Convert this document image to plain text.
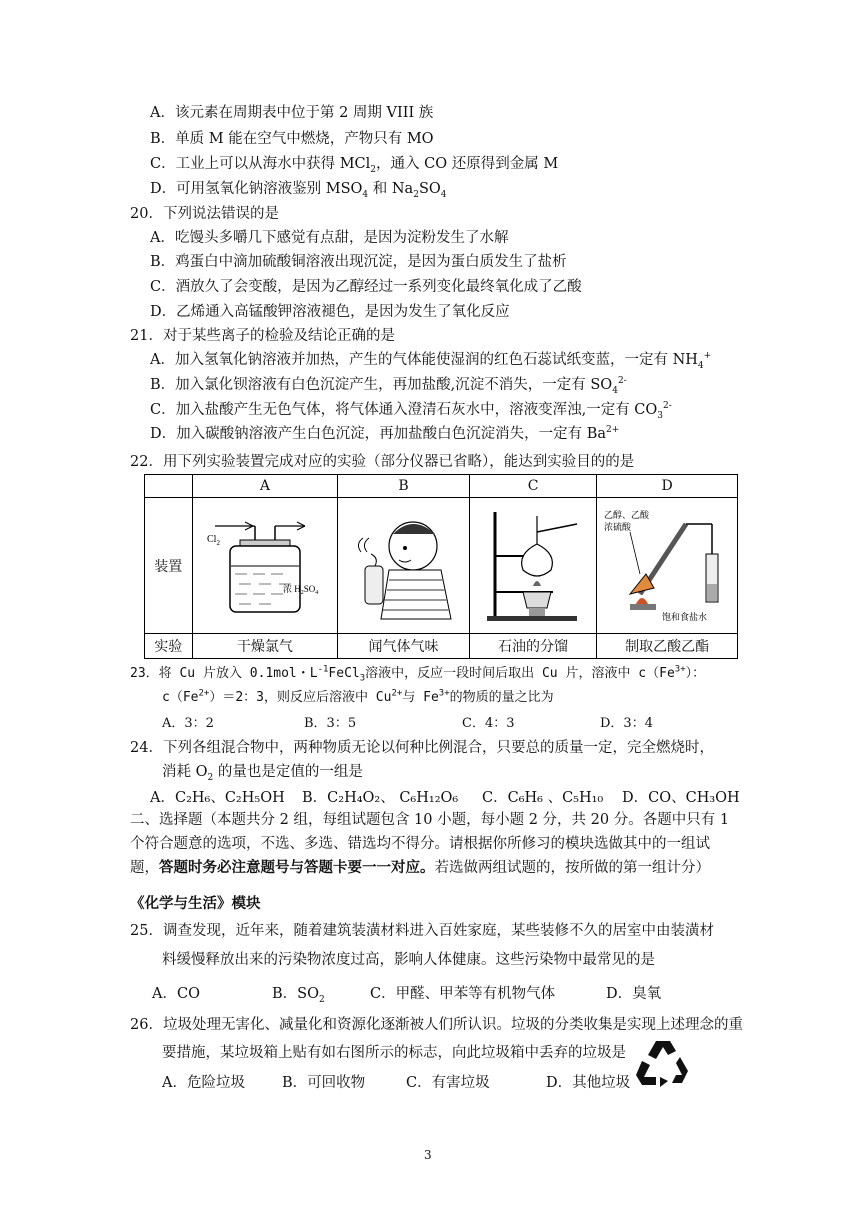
A．该元素在周期表中位于第 2 周期 VIII 族
B．单质 M 能在空气中燃烧，产物只有 MO
C．工业上可以从海水中获得 MCl$_2$，通入 CO 还原得到金属 M
D．可用氢氧化钠溶液鉴别 $MSO_4$ 和 $Na_2SO_4$
20．下列说法错误的是
A．吃馒头多嚼几下感觉有点甜，是因为淀粉发生了水解
B．鸡蛋白中滴加硫酸铜溶液出现沉淀，是因为蛋白质发生了盐析
C．酒放久了会变酸，是因为乙醇经过一系列变化最终氧化成了乙酸
D．乙烯通入高锰酸钾溶液褪色，是因为发生了氧化反应
21．对于某些离子的检验及结论正确的是
A．加入氢氧化钠溶液并加热，产生的气体能使湿润的红色石蕊试纸变蓝，一定有 $NH_4^+$
B．加入氯化钡溶液有白色沉淀产生，再加盐酸,沉淀不消失，一定有 $SO_4^{2-}$
C．加入盐酸产生无色气体，将气体通入澄清石灰水中，溶液变浑浊,一定有 $CO_3^{2-}$
D．加入碳酸钠溶液产生白色沉淀，再加盐酸白色沉淀消失，一定有 $Ba^{2+}$
22．用下列实验装置完成对应的实验（部分仪器已省略），能达到实验目的的是
	A	B	C	D
装置	$Cl_2$
浓 $H_2SO_4$			乙醇、乙酸
浓硫酸
饱和食盐水

实验	干燥氯气	闻气体气味	石油的分馏	制取乙酸乙酯
23．将 Cu 片放入 0.1mol・$L^{-1}FeCl_3$溶液中，反应一段时间后取出 Cu 片，溶液中 $c(Fe^{3+})$：
$c(Fe^{2+})=2$：3，则反应后溶液中 $Cu^{2+}$与 $Fe^{3+}$的物质的量之比为
A．3：2	B．3：5	C．4：3	D．3：4
24．下列各组混合物中，两种物质无论以何种比例混合，只要总的质量一定，完全燃烧时，
消耗 $O_2$ 的量也是定值的一组是
A．C₂H₆、C₂H₅OH B．C₂H₄O₂、 C₆H₁₂O₆ C．C₆H₆ 、C₅H₁₀ D．CO、CH₃OH
二、选择题（本题共分 2 组，每组试题包含 10 小题，每小题 2 分，共 20 分。各题中只有 1
个符合题意的选项，不选、多选、错选均不得分。请根据你所修习的模块选做其中的一组试
题，答题时务必注意题号与答题卡要一一对应。若选做两组试题的，按所做的第一组计分）
《化学与生活》模块
25．调查发现，近年来，随着建筑装潢材料进入百姓家庭，某些装修不久的居室中由装潢材
料缓慢释放出来的污染物浓度过高，影响人体健康。这些污染物中最常见的是
A．CO	B．$SO_2$	C．甲醛、甲苯等有机物气体	D．臭氧
26．垃圾处理无害化、减量化和资源化逐渐被人们所认识。垃圾的分类收集是实现上述理念的重
要措施，某垃圾箱上贴有如右图所示的标志，向此垃圾箱中丢弃的垃圾是
A．危险垃圾	B．可回收物	C．有害垃圾	D．其他垃圾
3
